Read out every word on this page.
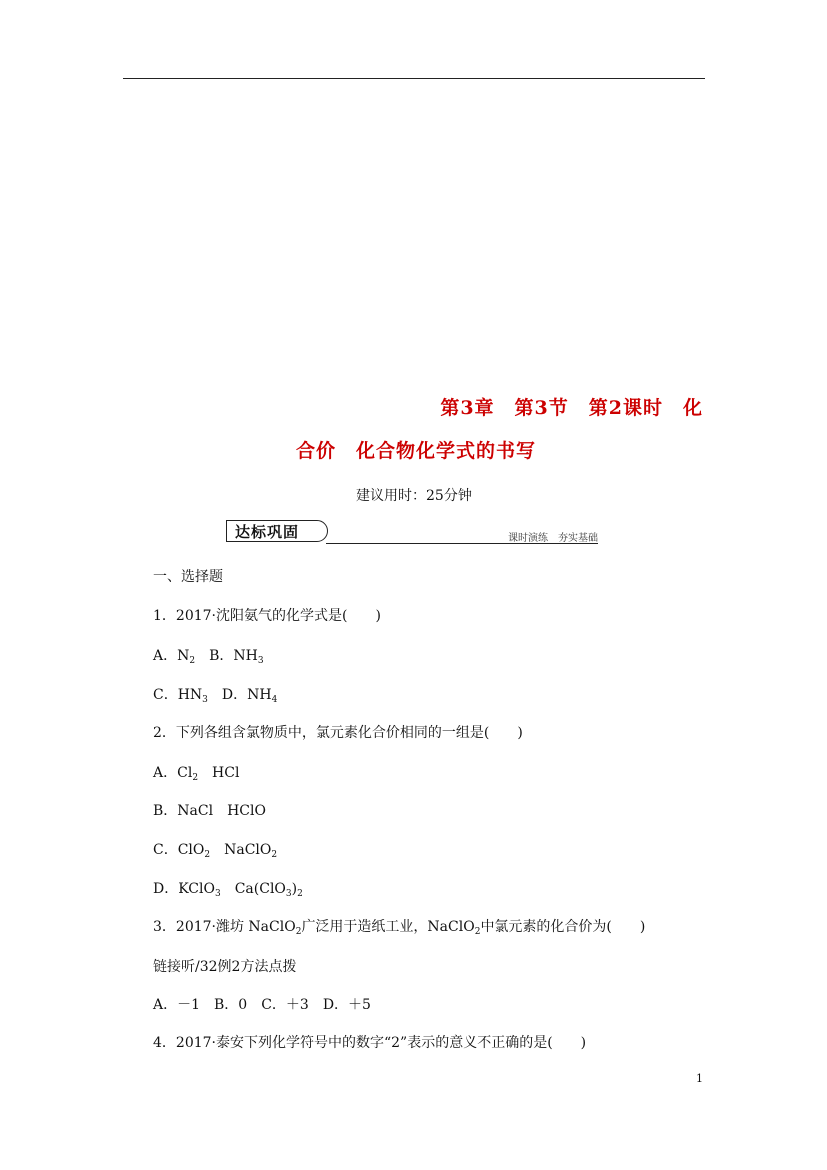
第3章　第3节　第2课时　化
合价　化合物化学式的书写
建议用时：25分钟
达标巩固	课时演练　夯实基础
一、选择题
1．2017·沈阳氨气的化学式是(　　)
A．$N_2$　B．$NH_3$
C．$HN_3$　D．$NH_4$
2．下列各组含氯物质中，氯元素化合价相同的一组是(　　)
A．$Cl_2$　HCl
B．NaCl　HClO
C．ClO$_2$　NaClO$_2$
D．KClO$_3$　$Ca(ClO_3)_2$
3．2017·潍坊 NaClO$_2$广泛用于造纸工业，NaClO$_2$中氯元素的化合价为(　　)
链接听/32例2方法点拨
A．－1　B．0　C．＋3　D．＋5
4．2017·泰安下列化学符号中的数字“2”表示的意义不正确的是(　　)
1
